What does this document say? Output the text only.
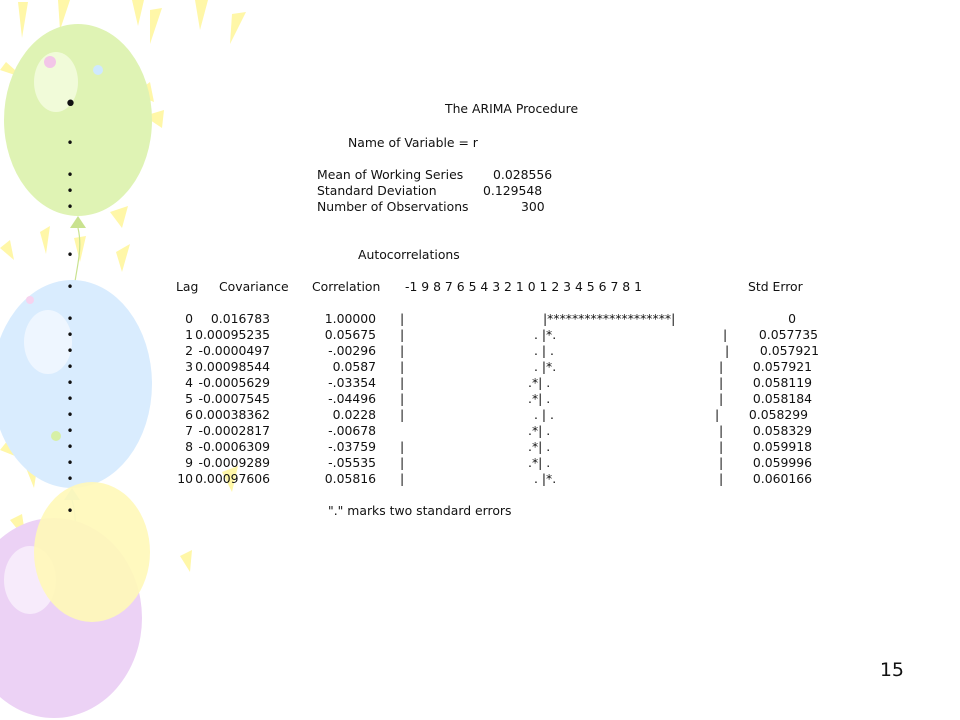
•	The ARIMA Procedure
•	Name of Variable = r
•	Mean of Working Series 0.028556
•	Standard Deviation	0.129548
•	Number of Observations	300
•	Autocorrelations
•	Lag Covariance Correlation -1 9 8 7 6 5 4 3 2 1 0 1 2 3 4 5 6 7 8 1	Std Error
•	0 0.016783	1.00000 |	|********************|	0
•	1 0.00095235	0.05675 |	. |*.	|	0.057735
•	2 -0.0000497	-.00296 |	. | .	| 0.057921
•	3 0.00098544	0.0587 |	. |*.	| 0.057921
•	4 -0.0005629	-.03354 |	.*| .	| 0.058119
•	5 -0.0007545	-.04496 |	.*| .	| 0.058184
•	6 0.00038362	0.0228 |	. | .	| 0.058299
•	7 -0.0002817	-.00678	.*| .	| 0.058329
•	8 -0.0006309	-.03759 |	.*| .	| 0.059918
•	9 -0.0009289	-.05535 |	.*| .	| 0.059996
•	10 0.00097606	0.05816 |	. |*.	| 0.060166
•	"." marks two standard errors
15
